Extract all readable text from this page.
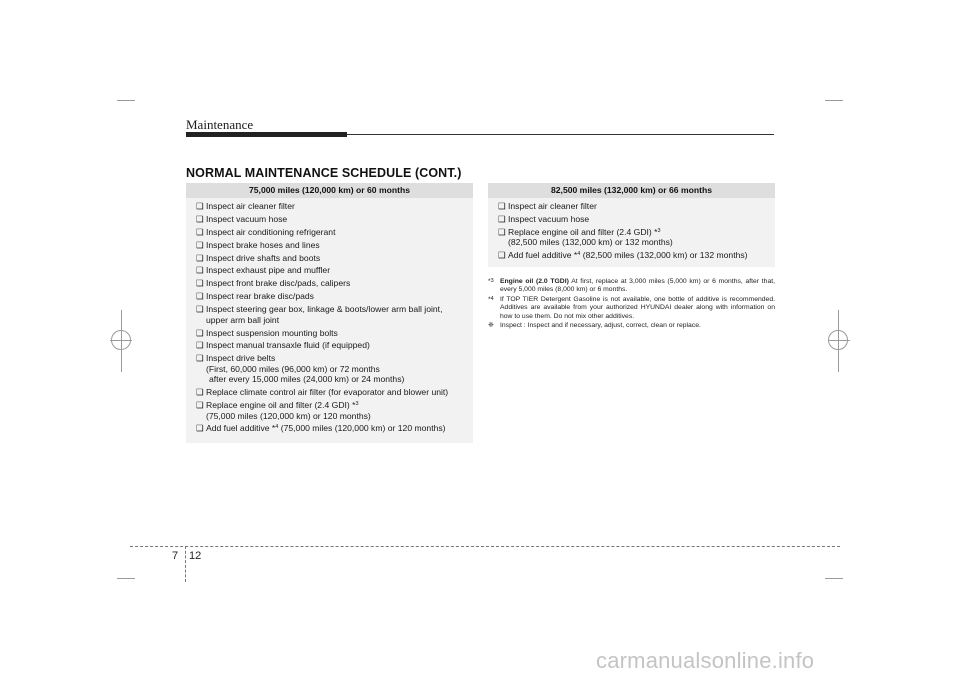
Maintenance
NORMAL MAINTENANCE SCHEDULE (CONT.)
75,000 miles (120,000 km) or 60 months
❑ Inspect air cleaner filter
❑ Inspect vacuum hose
❑ Inspect air conditioning refrigerant
❑ Inspect brake hoses and lines
❑ Inspect drive shafts and boots
❑ Inspect exhaust pipe and muffler
❑ Inspect front brake disc/pads, calipers
❑ Inspect rear brake disc/pads
❑ Inspect steering gear box, linkage & boots/lower arm ball joint,
upper arm ball joint
❑ Inspect suspension mounting bolts
❑ Inspect manual transaxle fluid (if equipped)
❑ Inspect drive belts
(First, 60,000 miles (96,000 km) or 72 months
after every 15,000 miles (24,000 km) or 24 months)
❑ Replace climate control air filter (for evaporator and blower unit)
❑ Replace engine oil and filter (2.4 GDI) *$^3$
(75,000 miles (120,000 km) or 120 months)
❑ Add fuel additive *$^4$ (75,000 miles (120,000 km) or 120 months)
82,500 miles (132,000 km) or 66 months
❑ Inspect air cleaner filter
❑ Inspect vacuum hose
❑ Replace engine oil and filter (2.4 GDI) *$^3$
(82,500 miles (132,000 km) or 132 months)
❑ Add fuel additive *$^4$ (82,500 miles (132,000 km) or 132 months)
*$^3$ Engine oil (2.0 TGDI) At first, replace at 3,000 miles (5,000 km) or 6 months, after that, every 5,000 miles (8,000 km) or 6 months.
*$^4$ If TOP TIER Detergent Gasoline is not available, one bottle of additive is recommended. Additives are available from your authorized HYUNDAI dealer along with information on how to use them. Do not mix other additives.
❈ Inspect : Inspect and if necessary, adjust, correct, clean or replace.
7 12
carmanualsonline.info
